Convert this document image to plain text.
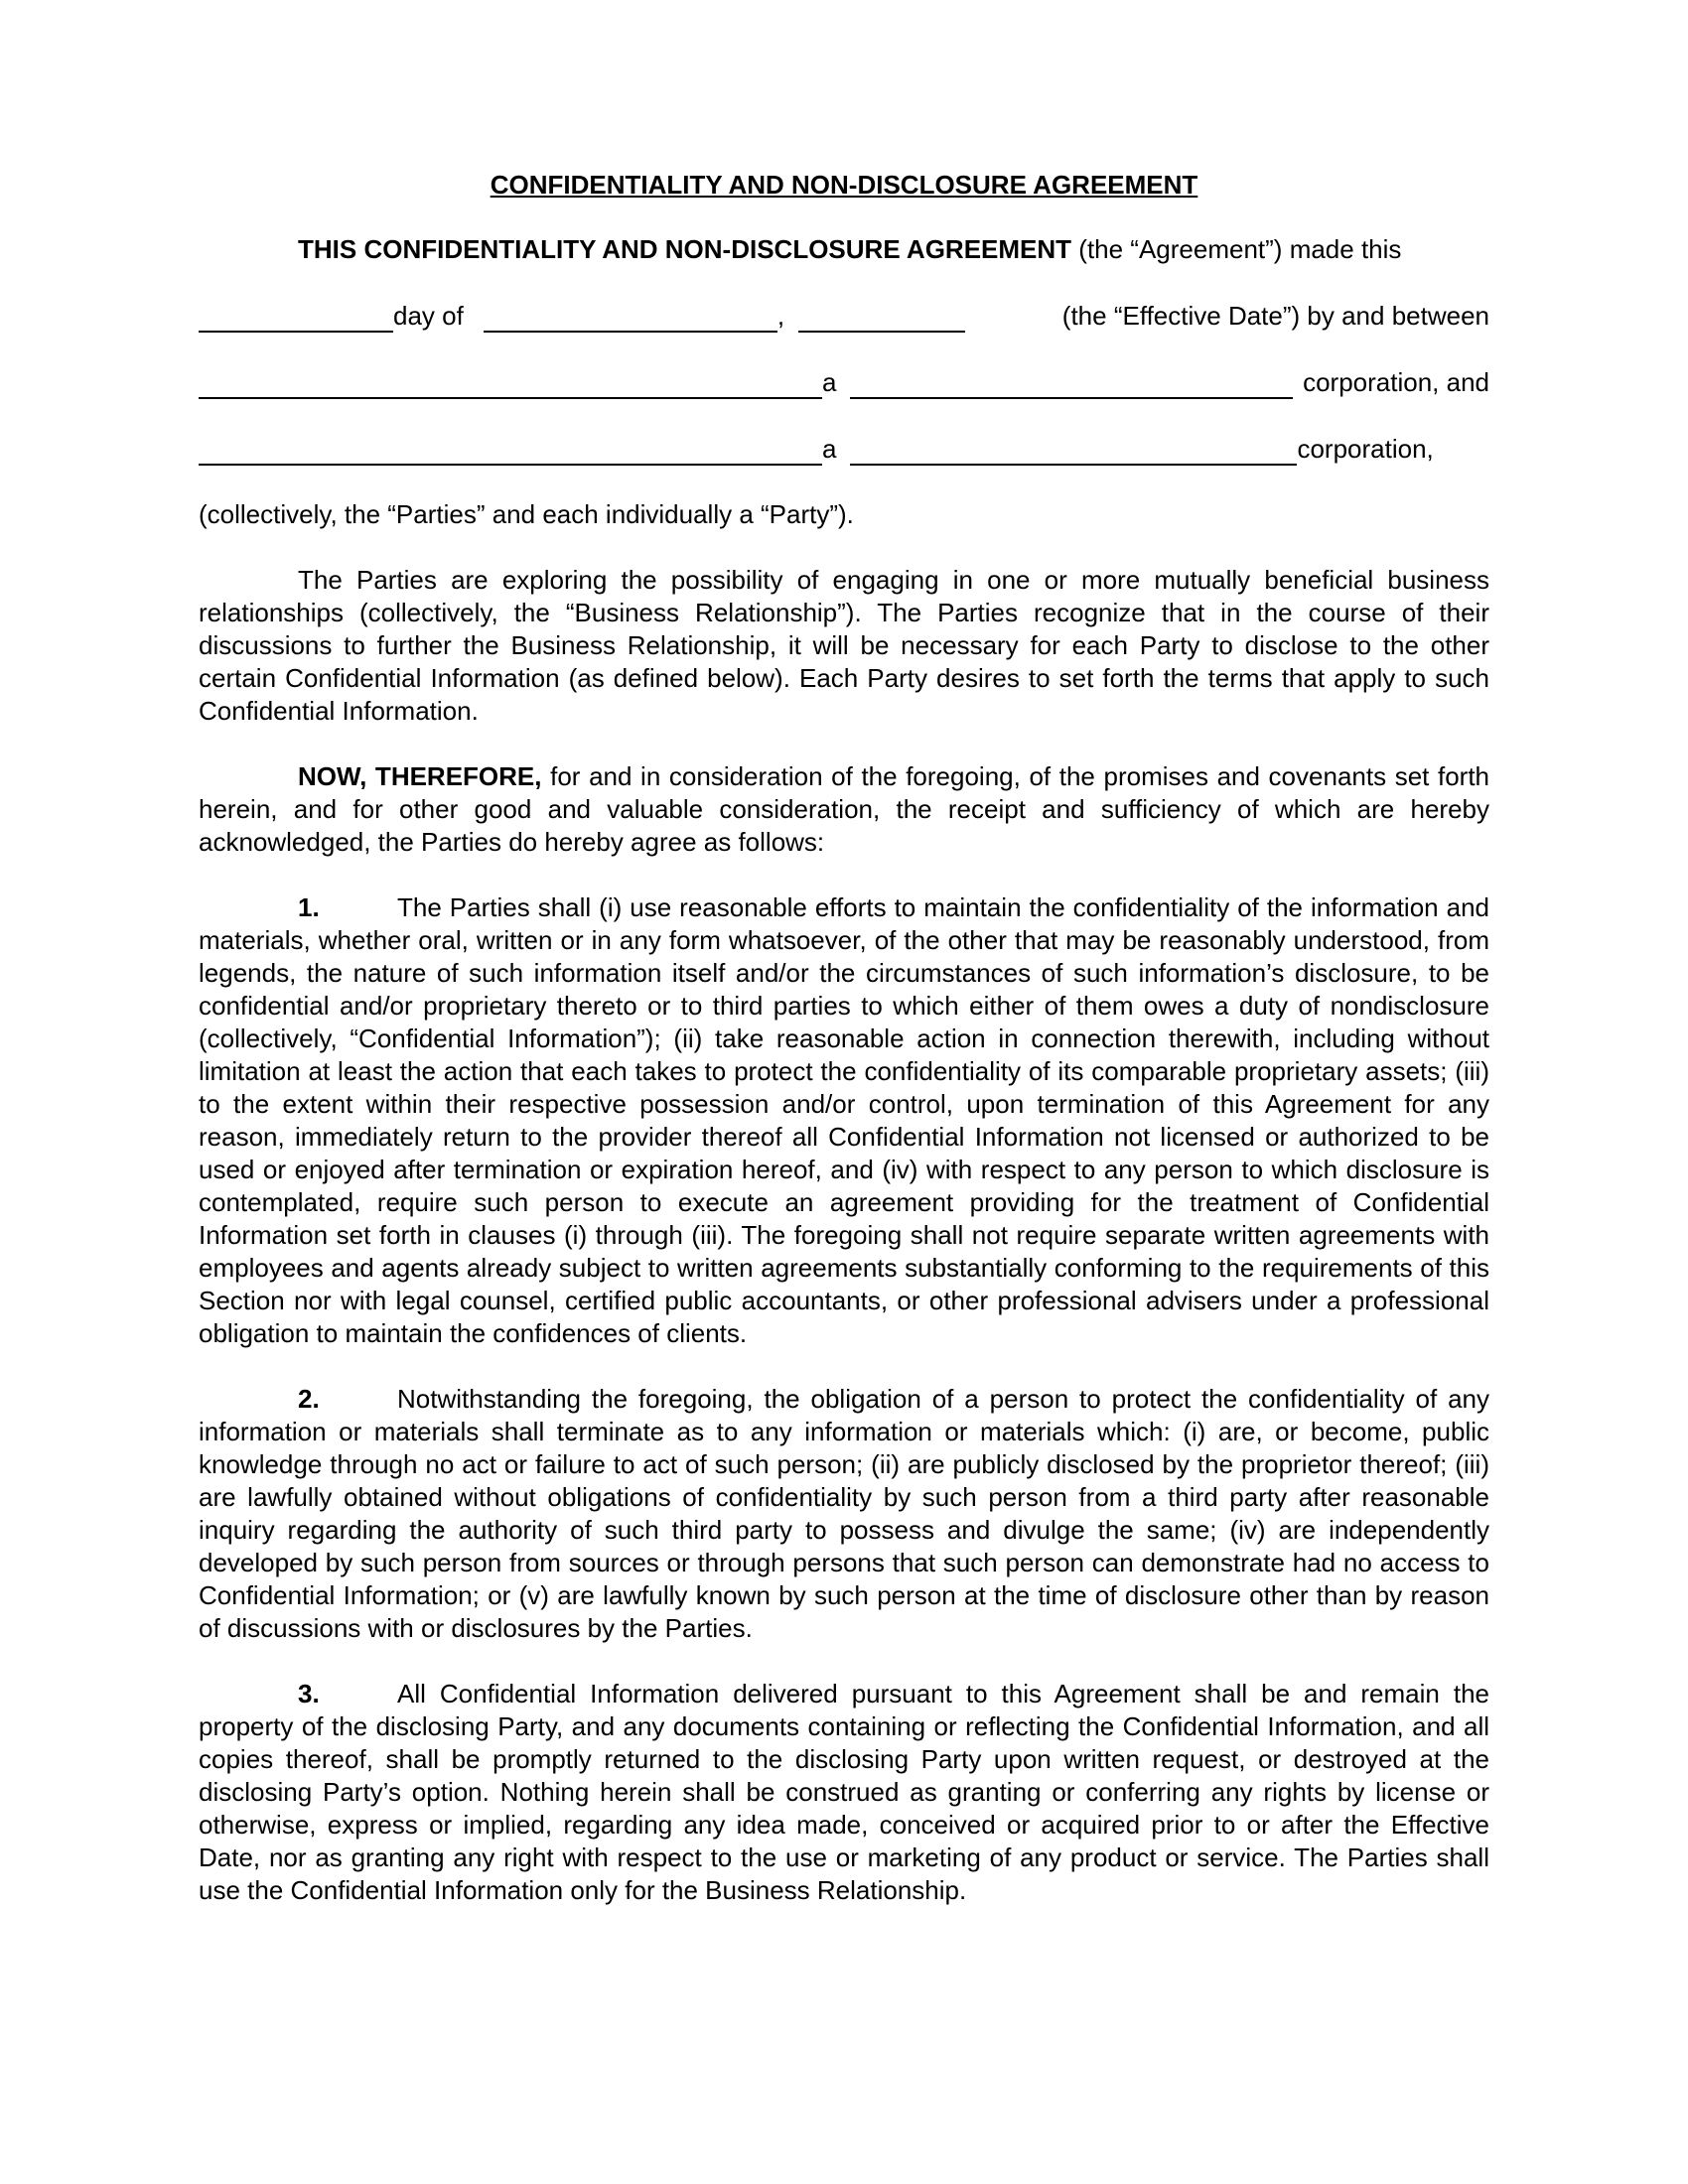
CONFIDENTIALITY AND NON-DISCLOSURE AGREEMENT

THIS CONFIDENTIALITY AND NON-DISCLOSURE AGREEMENT (the “Agreement”) made this

day of	,	(the “Effective Date”) by and between
a	corporation, and
a	corporation,

(collectively, the “Parties” and each individually a “Party”).

The Parties are exploring the possibility of engaging in one or more mutually beneficial business relationships (collectively, the “Business Relationship”). The Parties recognize that in the course of their discussions to further the Business Relationship, it will be necessary for each Party to disclose to the other certain Confidential Information (as defined below). Each Party desires to set forth the terms that apply to such Confidential Information.

NOW, THEREFORE, for and in consideration of the foregoing, of the promises and covenants set forth herein, and for other good and valuable consideration, the receipt and sufficiency of which are hereby acknowledged, the Parties do hereby agree as follows:

1.	The Parties shall (i) use reasonable efforts to maintain the confidentiality of the information and materials, whether oral, written or in any form whatsoever, of the other that may be reasonably understood, from legends, the nature of such information itself and/or the circumstances of such information’s disclosure, to be confidential and/or proprietary thereto or to third parties to which either of them owes a duty of nondisclosure (collectively, “Confidential Information”); (ii) take reasonable action in connection therewith, including without limitation at least the action that each takes to protect the confidentiality of its comparable proprietary assets; (iii) to the extent within their respective possession and/or control, upon termination of this Agreement for any reason, immediately return to the provider thereof all Confidential Information not licensed or authorized to be used or enjoyed after termination or expiration hereof, and (iv) with respect to any person to which disclosure is contemplated, require such person to execute an agreement providing for the treatment of Confidential Information set forth in clauses (i) through (iii). The foregoing shall not require separate written agreements with employees and agents already subject to written agreements substantially conforming to the requirements of this Section nor with legal counsel, certified public accountants, or other professional advisers under a professional obligation to maintain the confidences of clients.

2.	Notwithstanding the foregoing, the obligation of a person to protect the confidentiality of any information or materials shall terminate as to any information or materials which: (i) are, or become, public knowledge through no act or failure to act of such person; (ii) are publicly disclosed by the proprietor thereof; (iii) are lawfully obtained without obligations of confidentiality by such person from a third party after reasonable inquiry regarding the authority of such third party to possess and divulge the same; (iv) are independently developed by such person from sources or through persons that such person can demonstrate had no access to Confidential Information; or (v) are lawfully known by such person at the time of disclosure other than by reason of discussions with or disclosures by the Parties.

3.	All Confidential Information delivered pursuant to this Agreement shall be and remain the property of the disclosing Party, and any documents containing or reflecting the Confidential Information, and all copies thereof, shall be promptly returned to the disclosing Party upon written request, or destroyed at the disclosing Party’s option. Nothing herein shall be construed as granting or conferring any rights by license or otherwise, express or implied, regarding any idea made, conceived or acquired prior to or after the Effective Date, nor as granting any right with respect to the use or marketing of any product or service. The Parties shall use the Confidential Information only for the Business Relationship.
